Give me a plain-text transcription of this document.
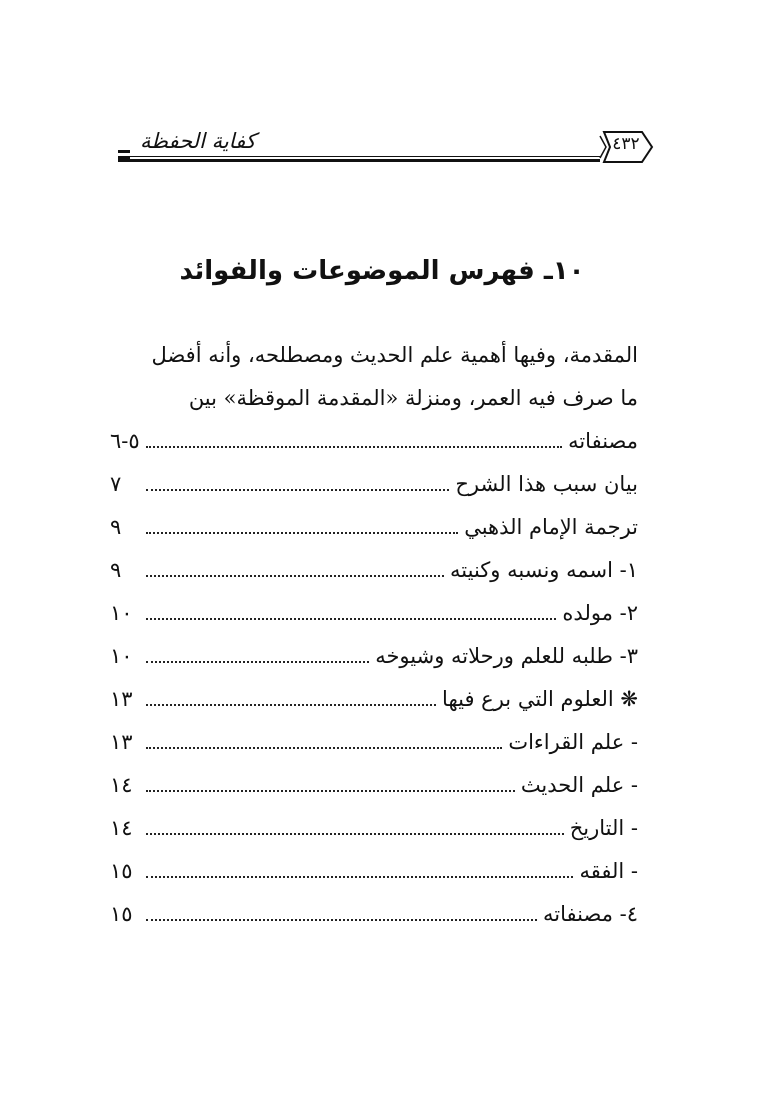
كفاية الحفظة	٤٣٢
١٠ـ فهرس الموضوعات والفوائد
المقدمة، وفيها أهمية علم الحديث ومصطلحه، وأنه أفضل
ما صرف فيه العمر، ومنزلة «المقدمة الموقظة» بين
مصنفاته
٥-٦
بيان سبب هذا الشرح
٧
ترجمة الإمام الذهبي
٩
١- اسمه ونسبه وكنيته
٩
٢- مولده
١٠
٣- طلبه للعلم ورحلاته وشيوخه
١٠
❋ العلوم التي برع فيها
١٣
- علم القراءات
١٣
- علم الحديث
١٤
- التاريخ
١٤
- الفقه
١٥
٤- مصنفاته
١٥
